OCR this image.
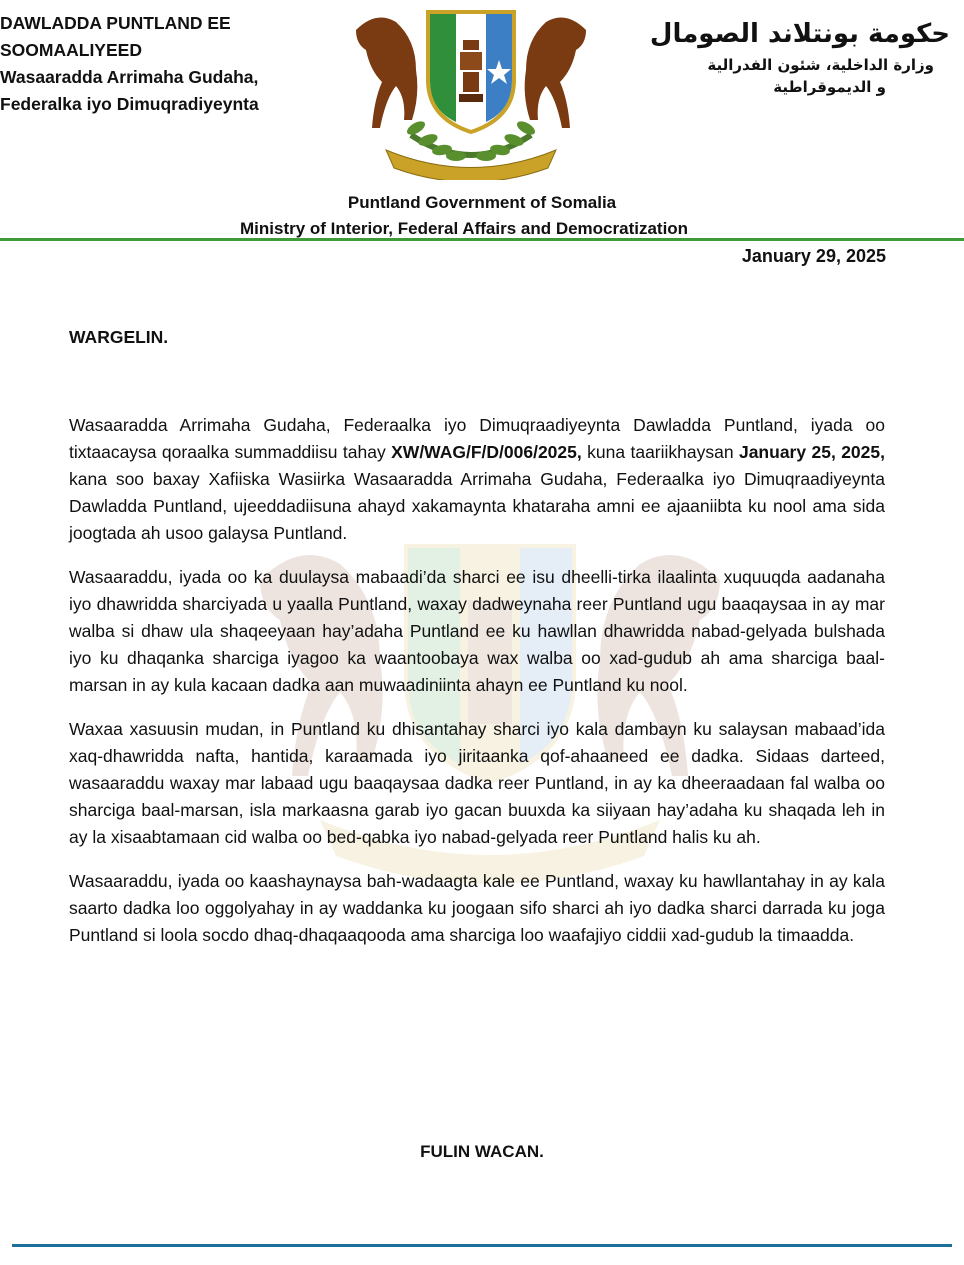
DAWLADDA PUNTLAND EE
SOOMAALIYEED
Wasaaradda Arrimaha Gudaha,
Federalka iyo Dimuqradiyeynta
حكومة بونتلاند الصومال
وزارة الداخلية، شئون الفدرالية
و الديموقراطية
Puntland Government of Somalia
Ministry of Interior, Federal Affairs and Democratization
January 29, 2025
WARGELIN.

Wasaaradda Arrimaha Gudaha, Federaalka iyo Dimuqraadiyeynta Dawladda Puntland, iyada oo tixtaacaysa qoraalka summaddiisu tahay XW/WAG/F/D/006/2025, kuna taariikhaysan January 25, 2025, kana soo baxay Xafiiska Wasiirka Wasaaradda Arrimaha Gudaha, Federaalka iyo Dimuqraadiyeynta Dawladda Puntland, ujeeddadiisuna ahayd xakamaynta khataraha amni ee ajaaniibta ku nool ama sida joogtada ah usoo galaysa Puntland.

Wasaaraddu, iyada oo ka duulaysa mabaadi’da sharci ee isu dheelli-tirka ilaalinta xuquuqda aadanaha iyo dhawridda sharciyada u yaalla Puntland, waxay dadweynaha reer Puntland ugu baaqaysaa in ay mar walba si dhaw ula shaqeeyaan hay’adaha Puntland ee ku hawllan dhawridda nabad-gelyada bulshada iyo ku dhaqanka sharciga iyagoo ka waantoobaya wax walba oo xad-gudub ah ama sharciga baal-marsan in ay kula kacaan dadka aan muwaadiniinta ahayn ee Puntland ku nool.

Waxaa xasuusin mudan, in Puntland ku dhisantahay sharci iyo kala dambayn ku salaysan mabaad’ida xaq-dhawridda nafta, hantida, karaamada iyo jiritaanka qof-ahaaneed ee dadka. Sidaas darteed, wasaaraddu waxay mar labaad ugu baaqaysaa dadka reer Puntland, in ay ka dheeraadaan fal walba oo sharciga baal-marsan, isla markaasna garab iyo gacan buuxda ka siiyaan hay’adaha ku shaqada leh in ay la xisaabtamaan cid walba oo bed-qabka iyo nabad-gelyada reer Puntland halis ku ah.

Wasaaraddu, iyada oo kaashaynaysa bah-wadaagta kale ee Puntland, waxay ku hawllantahay in ay kala saarto dadka loo oggolyahay in ay waddanka ku joogaan sifo sharci ah iyo dadka sharci darrada ku joga Puntland si loola socdo dhaq-dhaqaaqooda ama sharciga loo waafajiyo ciddii xad-gudub la timaadda.

FULIN WACAN.
